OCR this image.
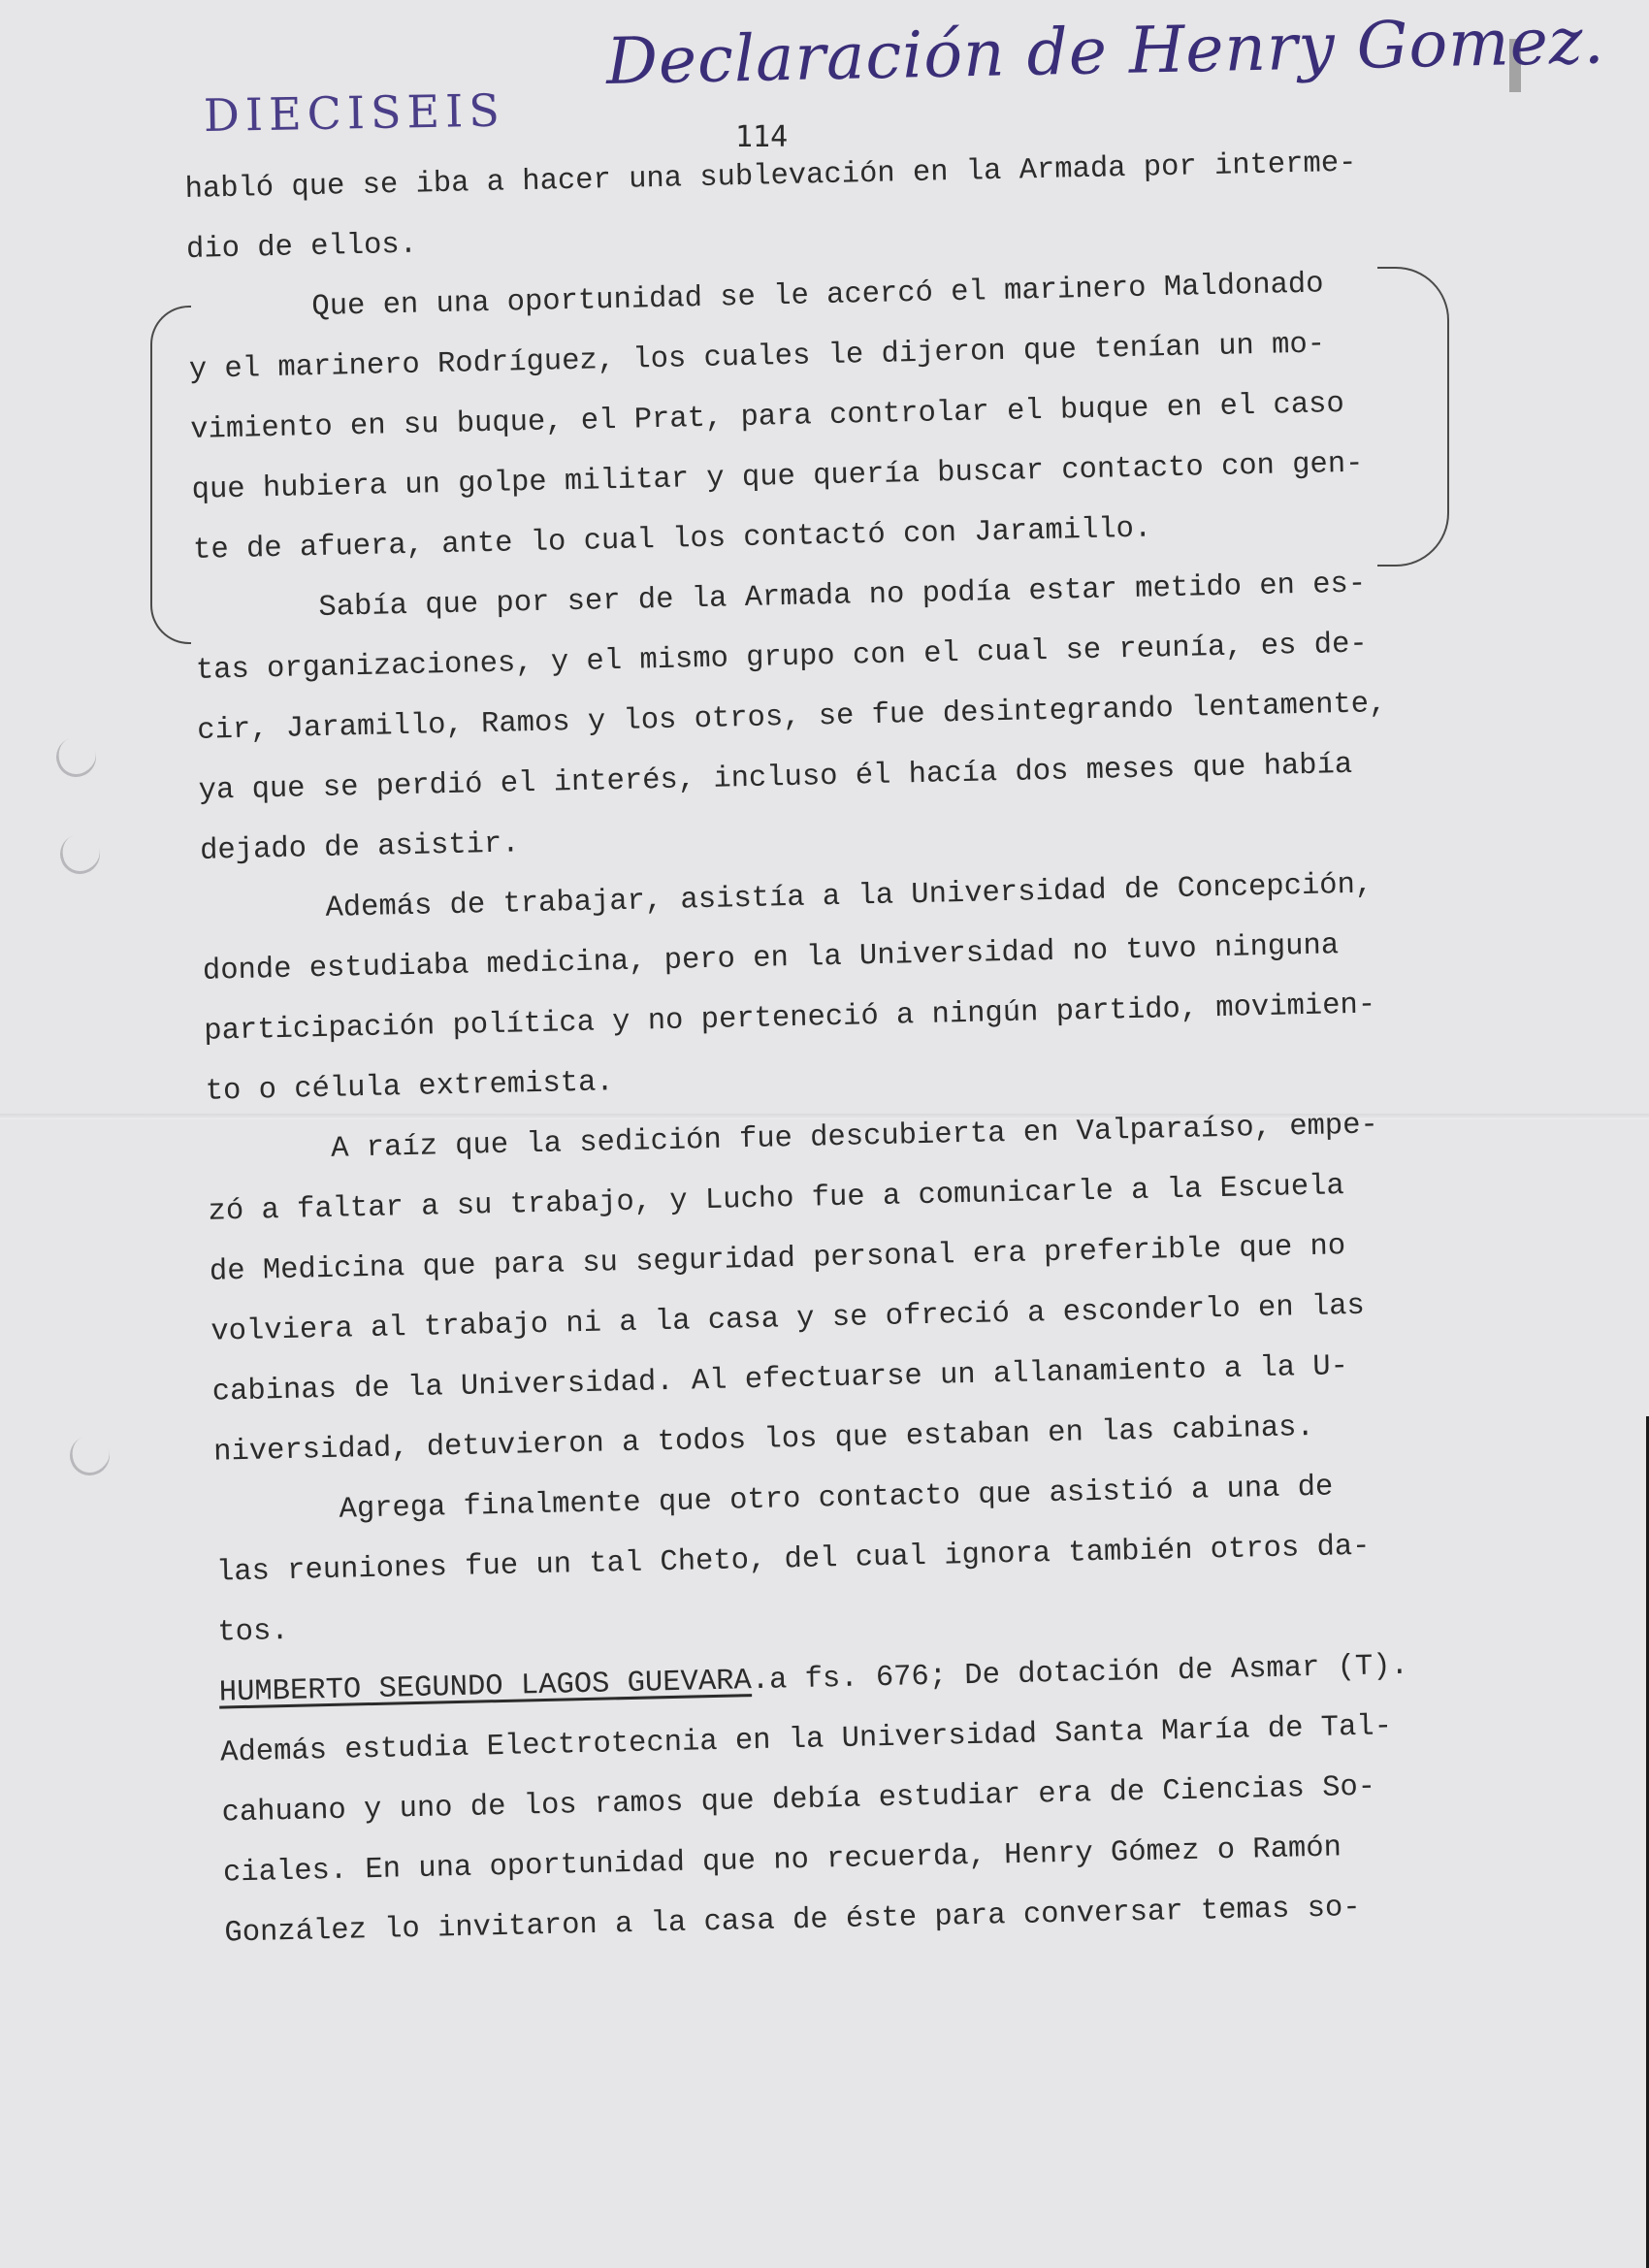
Declaración de Henry Gomez.
DIECISEIS	114
habló que se iba a hacer una sublevación en la Armada por interme-
dio de ellos.
Que en una oportunidad se le acercó el marinero Maldonado
y el marinero Rodríguez, los cuales le dijeron que tenían un mo-
vimiento en su buque, el Prat, para controlar el buque en el caso
que hubiera un golpe militar y que quería buscar contacto con gen-
te de afuera, ante lo cual los contactó con Jaramillo.
Sabía que por ser de la Armada no podía estar metido en es-
tas organizaciones, y el mismo grupo con el cual se reunía, es de-
cir, Jaramillo, Ramos y los otros, se fue desintegrando lentamente,
ya que se perdió el interés, incluso él hacía dos meses que había
dejado de asistir.
Además de trabajar, asistía a la Universidad de Concepción,
donde estudiaba medicina, pero en la Universidad no tuvo ninguna
participación política y no perteneció a ningún partido, movimien-
to o célula extremista.
A raíz que la sedición fue descubierta en Valparaíso, empe-
zó a faltar a su trabajo, y Lucho fue a comunicarle a la Escuela
de Medicina que para su seguridad personal era preferible que no
volviera al trabajo ni a la casa y se ofreció a esconderlo en las
cabinas de la Universidad. Al efectuarse un allanamiento a la U-
niversidad, detuvieron a todos los que estaban en las cabinas.
Agrega finalmente que otro contacto que asistió a una de
las reuniones fue un tal Cheto, del cual ignora también otros da-
tos.
HUMBERTO SEGUNDO LAGOS GUEVARA.a fs. 676; De dotación de Asmar (T).
Además estudia Electrotecnia en la Universidad Santa María de Tal-
cahuano y uno de los ramos que debía estudiar era de Ciencias So-
ciales. En una oportunidad que no recuerda, Henry Gómez o Ramón
González lo invitaron a la casa de éste para conversar temas so-
